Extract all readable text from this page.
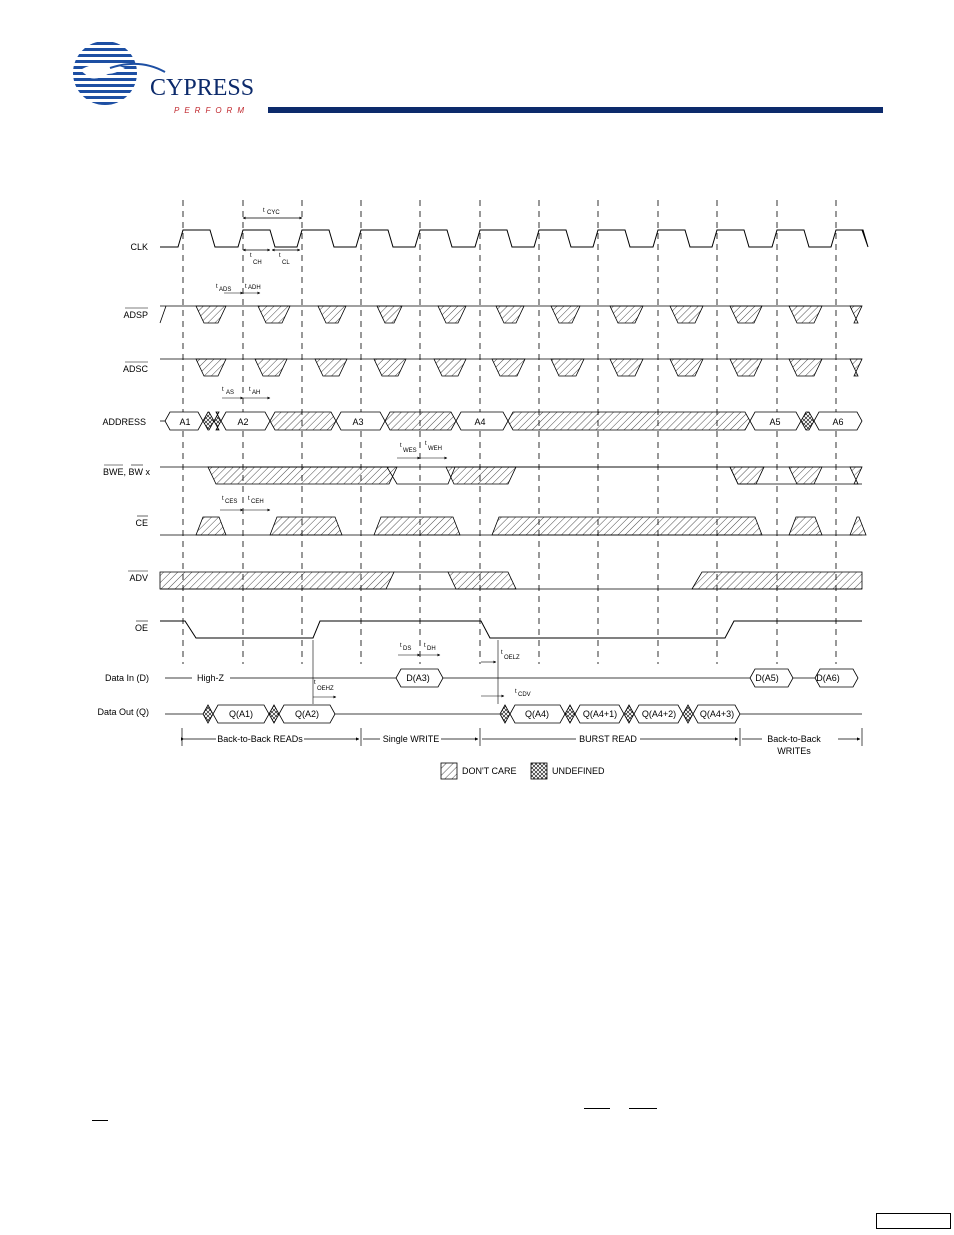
CYPRESS
PERFORM
CLK
ADSP
ADSC
ADDRESS
BWE, BW x
CE
ADV
OE
Data In (D)
Data Out (Q)
A1	A2	A3	A4	A5	A6
High-Z	D(A3)	D(A5)	D(A6)
Q(A1)	Q(A2)	Q(A4)	Q(A4+1)	Q(A4+2)	Q(A4+3)
t CYC
t
CH
t
CL
t ADS t ADH
t AS t AH
t
WES
t
WEH
t CES t CEH
t DS t DH
t
OELZ
t
OEHZ	t CDV
Back-to-Back READs	Single WRITE	BURST READ	Back-to-Back
WRITEs
DON'T CARE	UNDEFINED
